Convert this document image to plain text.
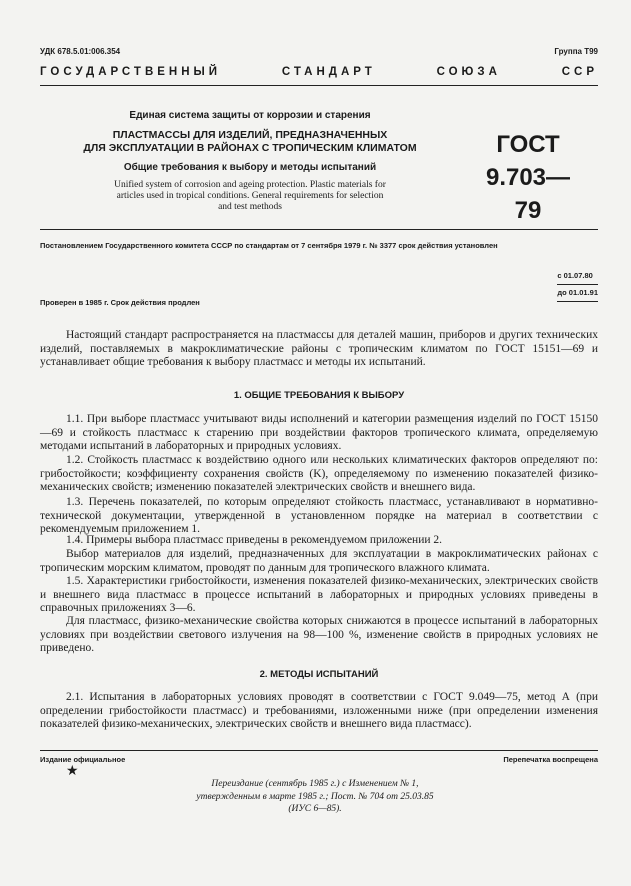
УДК 678.5.01:006.354	Группа Т99
ГОСУДАРСТВЕННЫЙ	СТАНДАРТ	СОЮЗА	ССР
Единая система защиты от коррозии и старения
ПЛАСТМАССЫ ДЛЯ ИЗДЕЛИЙ, ПРЕДНАЗНАЧЕННЫХ
ДЛЯ ЭКСПЛУАТАЦИИ В РАЙОНАХ С ТРОПИЧЕСКИМ КЛИМАТОМ
Общие требования к выбору и методы испытаний
Unified system of corrosion and ageing protection. Plastic materials for
articles used in tropical conditions. General requirements for selection
and test methods
ГОСТ
9.703—79
Постановлением Государственного комитета СССР по стандартам от 7 сентября 1979 г. № 3377 срок действия установлен
с 01.07.80
до 01.01.91
Проверен в 1985 г. Срок действия продлен
Настоящий стандарт распространяется на пластмассы для деталей машин, приборов и других технических изделий, поставляемых в макроклиматические районы с тропическим климатом по ГОСТ 15151—69 и устанавливает общие требования к выбору пластмасс и методы их испытаний.
1. ОБЩИЕ ТРЕБОВАНИЯ К ВЫБОРУ

1.1. При выборе пластмасс учитывают виды исполнений и категории размещения изделий по ГОСТ 15150—69 и стойкость пластмасс к старению при воздействии факторов тропического климата, определяемую методами испытаний в лабораторных и природных условиях.

1.2. Стойкость пластмасс к воздействию одного или нескольких климатических факторов определяют по: грибостойкости; коэффициенту сохранения свойств (K), определяемому по изменению показателей физико-механических свойств; изменению показателей электрических свойств и внешнего вида.

1.3. Перечень показателей, по которым определяют стойкость пластмасс, устанавливают в нормативно-технической документации, утвержденной в установленном порядке на материал в соответствии с рекомендуемым приложением 1.

1.4. Примеры выбора пластмасс приведены в рекомендуемом приложении 2.

Выбор материалов для изделий, предназначенных для эксплуатации в макроклиматических районах с тропическим морским климатом, проводят по данным для тропического влажного климата.

1.5. Характеристики грибостойкости, изменения показателей физико-механических, электрических свойств и внешнего вида пластмасс в процессе испытаний в лабораторных и природных условиях приведены в справочных приложениях 3—6.

Для пластмасс, физико-механические свойства которых снижаются в процессе испытаний в лабораторных условиях при воздействии светового излучения на 98—100 %, изменение свойств в природных условиях не приведено.

2. МЕТОДЫ ИСПЫТАНИЙ

2.1. Испытания в лабораторных условиях проводят в соответствии с ГОСТ 9.049—75, метод А (при определении грибостойкости пластмасс) и требованиями, изложенными ниже (при определении изменения показателей физико-механических, электрических свойств и внешнего вида пластмасс).

Издание официальное
★
Перепечатка воспрещена
Переиздание (сентябрь 1985 г.) с Изменением № 1,
утвержденным в марте 1985 г.; Пост. № 704 от 25.03.85
(ИУС 6—85).
